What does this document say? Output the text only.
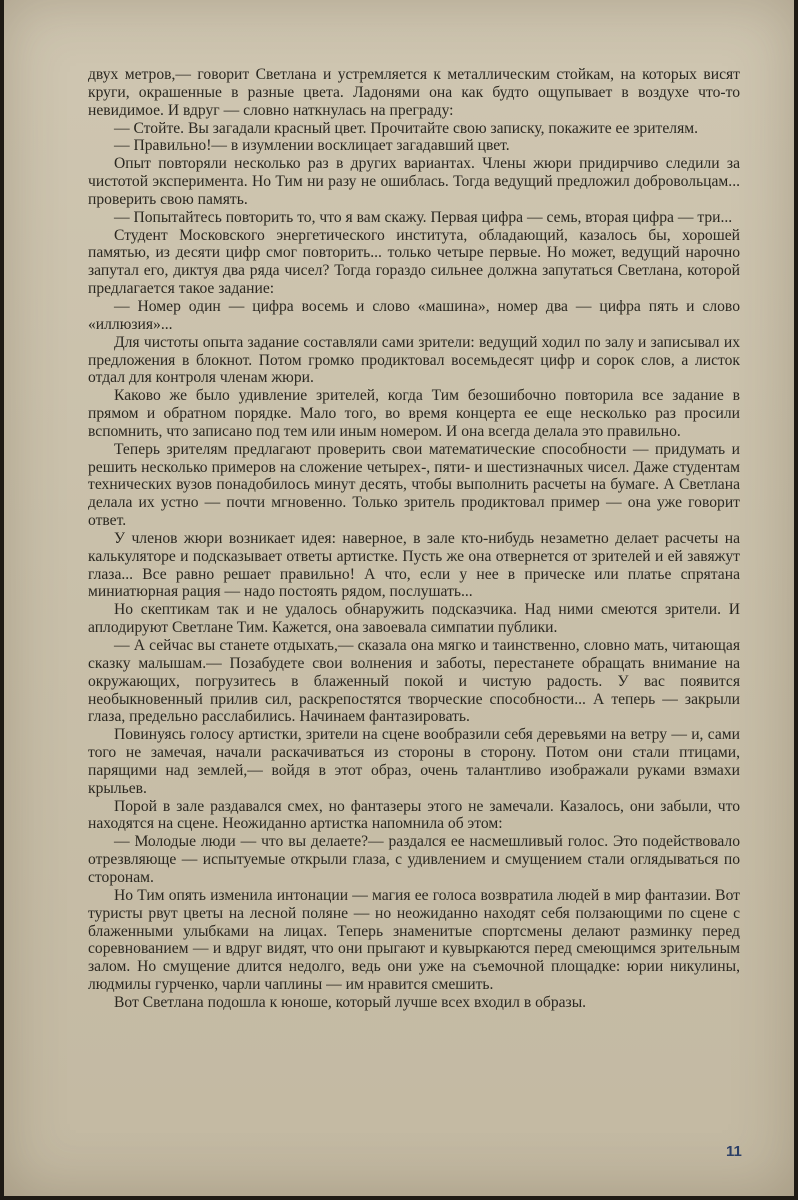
двух метров,— говорит Светлана и устремляется к металлическим стойкам, на которых висят круги, окрашенные в разные цвета. Ладонями она как будто ощупывает в воздухе что-то невидимое. И вдруг — словно наткнулась на преграду:

— Стойте. Вы загадали красный цвет. Прочитайте свою записку, покажите ее зрителям.

— Правильно!— в изумлении восклицает загадавший цвет.

Опыт повторяли несколько раз в других вариантах. Члены жюри придирчиво следили за чистотой эксперимента. Но Тим ни разу не ошиблась. Тогда ведущий предложил добровольцам... проверить свою память.

— Попытайтесь повторить то, что я вам скажу. Первая цифра — семь, вторая цифра — три...

Студент Московского энергетического института, обладающий, казалось бы, хорошей памятью, из десяти цифр смог повторить... только четыре первые. Но может, ведущий нарочно запутал его, диктуя два ряда чисел? Тогда гораздо сильнее должна запутаться Светлана, которой предлагается такое задание:

— Номер один — цифра восемь и слово «машина», номер два — цифра пять и слово «иллюзия»...

Для чистоты опыта задание составляли сами зрители: ведущий ходил по залу и записывал их предложения в блокнот. Потом громко продиктовал восемьдесят цифр и сорок слов, а листок отдал для контроля членам жюри.

Каково же было удивление зрителей, когда Тим безошибочно повторила все задание в прямом и обратном порядке. Мало того, во время концерта ее еще несколько раз просили вспомнить, что записано под тем или иным номером. И она всегда делала это правильно.

Теперь зрителям предлагают проверить свои математические способности — придумать и решить несколько примеров на сложение четырех-, пяти- и шестизначных чисел. Даже студентам технических вузов понадобилось минут десять, чтобы выполнить расчеты на бумаге. А Светлана делала их устно — почти мгновенно. Только зритель продиктовал пример — она уже говорит ответ.

У членов жюри возникает идея: наверное, в зале кто-нибудь незаметно делает расчеты на калькуляторе и подсказывает ответы артистке. Пусть же она отвернется от зрителей и ей завяжут глаза... Все равно решает правильно! А что, если у нее в прическе или платье спрятана миниатюрная рация — надо постоять рядом, послушать...

Но скептикам так и не удалось обнаружить подсказчика. Над ними смеются зрители. И аплодируют Светлане Тим. Кажется, она завоевала симпатии публики.

— А сейчас вы станете отдыхать,— сказала она мягко и таинственно, словно мать, читающая сказку малышам.— Позабудете свои волнения и заботы, перестанете обращать внимание на окружающих, погрузитесь в блаженный покой и чистую радость. У вас появится необыкновенный прилив сил, раскрепостятся творческие способности... А теперь — закрыли глаза, предельно расслабились. Начинаем фантазировать.

Повинуясь голосу артистки, зрители на сцене вообразили себя деревьями на ветру — и, сами того не замечая, начали раскачиваться из стороны в сторону. Потом они стали птицами, парящими над землей,— войдя в этот образ, очень талантливо изображали руками взмахи крыльев.

Порой в зале раздавался смех, но фантазеры этого не замечали. Казалось, они забыли, что находятся на сцене. Неожиданно артистка напомнила об этом:

— Молодые люди — что вы делаете?— раздался ее насмешливый голос. Это подействовало отрезвляюще — испытуемые открыли глаза, с удивлением и смущением стали оглядываться по сторонам.

Но Тим опять изменила интонации — магия ее голоса возвратила людей в мир фантазии. Вот туристы рвут цветы на лесной поляне — но неожиданно находят себя ползающими по сцене с блаженными улыбками на лицах. Теперь знаменитые спортсмены делают разминку перед соревнованием — и вдруг видят, что они прыгают и кувыркаются перед смеющимся зрительным залом. Но смущение длится недолго, ведь они уже на съемочной площадке: юрии никулины, людмилы гурченко, чарли чаплины — им нравится смешить.

Вот Светлана подошла к юноше, который лучше всех входил в образы.

11
